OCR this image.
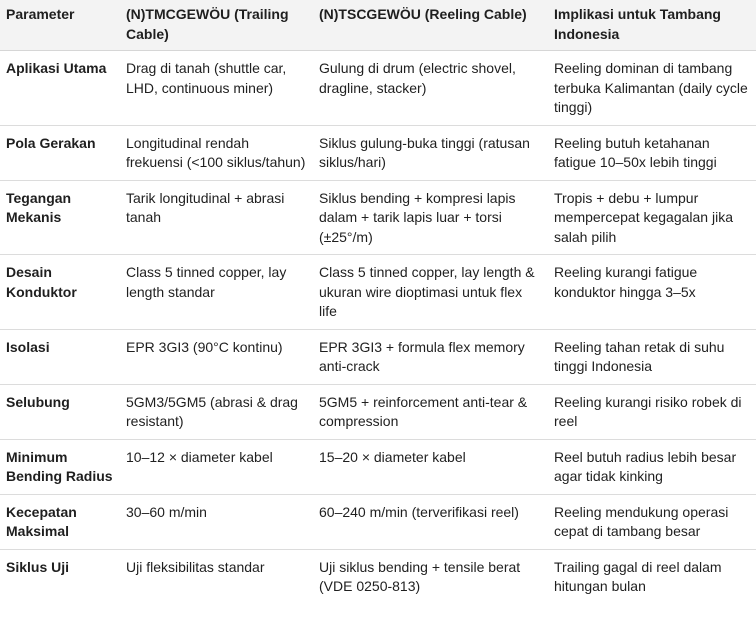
Parameter	(N)TMCGEWÖU (Trailing Cable)	(N)TSCGEWÖU (Reeling Cable)	Implikasi untuk Tambang Indonesia
Aplikasi Utama	Drag di tanah (shuttle car, LHD, continuous miner)	Gulung di drum (electric shovel, dragline, stacker)	Reeling dominan di tambang terbuka Kalimantan (daily cycle tinggi)
Pola Gerakan	Longitudinal rendah frekuensi (<100 siklus/tahun)	Siklus gulung-buka tinggi (ratusan siklus/hari)	Reeling butuh ketahanan fatigue 10–50x lebih tinggi
Tegangan Mekanis	Tarik longitudinal + abrasi tanah	Siklus bending + kompresi lapis dalam + tarik lapis luar + torsi (±25°/m)	Tropis + debu + lumpur mempercepat kegagalan jika salah pilih
Desain Konduktor	Class 5 tinned copper, lay length standar	Class 5 tinned copper, lay length & ukuran wire dioptimasi untuk flex life	Reeling kurangi fatigue konduktor hingga 3–5x
Isolasi	EPR 3GI3 (90°C kontinu)	EPR 3GI3 + formula flex memory anti-crack	Reeling tahan retak di suhu tinggi Indonesia
Selubung	5GM3/5GM5 (abrasi & drag resistant)	5GM5 + reinforcement anti-tear & compression	Reeling kurangi risiko robek di reel
Minimum Bending Radius	10–12 × diameter kabel	15–20 × diameter kabel	Reel butuh radius lebih besar agar tidak kinking
Kecepatan Maksimal	30–60 m/min	60–240 m/min (terverifikasi reel)	Reeling mendukung operasi cepat di tambang besar
Siklus Uji	Uji fleksibilitas standar	Uji siklus bending + tensile berat (VDE 0250-813)	Trailing gagal di reel dalam hitungan bulan
